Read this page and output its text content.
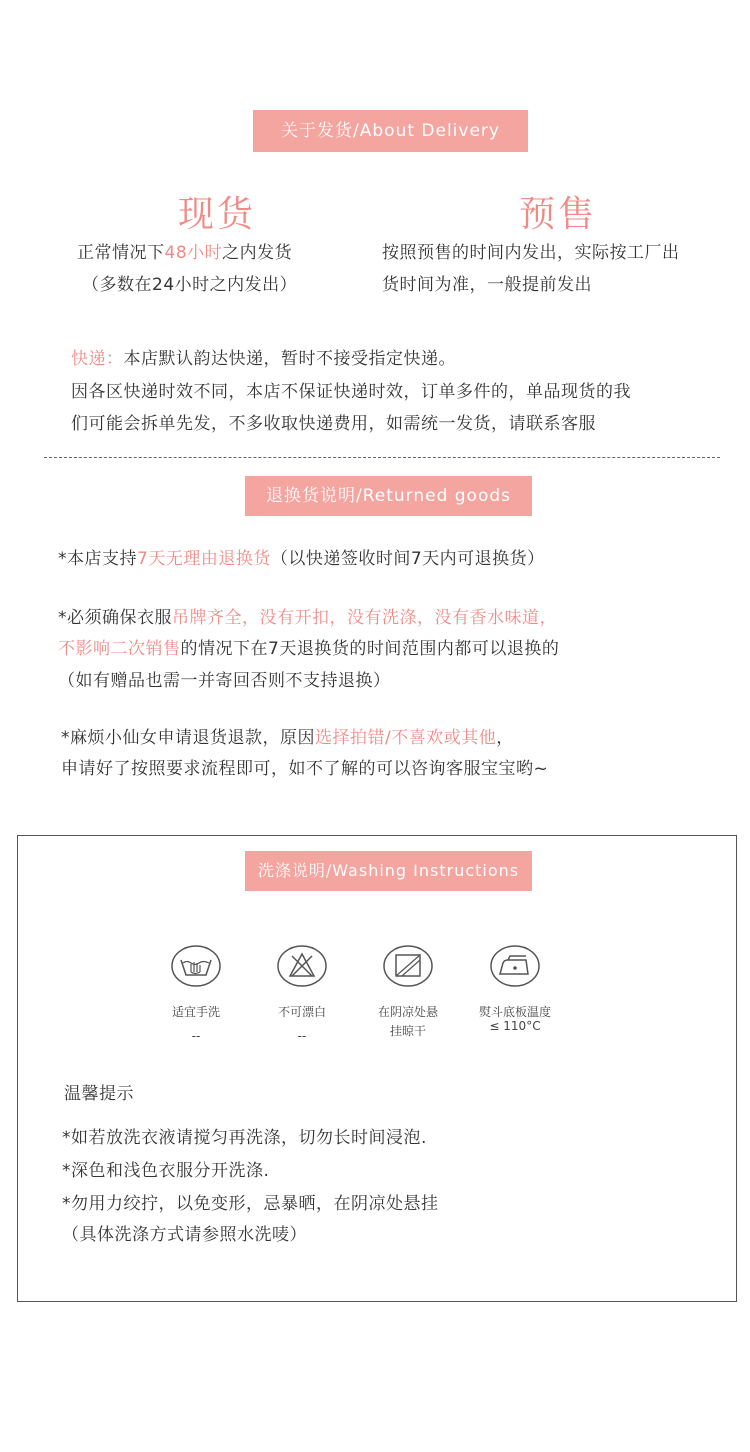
关于发货/About Delivery
现货	预售
正常情况下48小时之内发货
（多数在24小时之内发出）
按照预售的时间内发出，实际按工厂出
货时间为准，一般提前发出
快递：本店默认韵达快递，暂时不接受指定快递。
因各区快递时效不同，本店不保证快递时效，订单多件的，单品现货的我
们可能会拆单先发，不多收取快递费用，如需统一发货，请联系客服
退换货说明/Returned goods
*本店支持7天无理由退换货（以快递签收时间7天内可退换货）
*必须确保衣服吊牌齐全，没有开扣，没有洗涤，没有香水味道，
不影响二次销售的情况下在7天退换货的时间范围内都可以退换的
（如有赠品也需一并寄回否则不支持退换）
*麻烦小仙女申请退货退款，原因选择拍错/不喜欢或其他，
申请好了按照要求流程即可，如不了解的可以咨询客服宝宝哟~
洗涤说明/Washing Instructions
适宜手洗
--
不可漂白
--
在阴凉处悬
挂晾干
熨斗底板温度
≤ 110°C
温馨提示
*如若放洗衣液请搅匀再洗涤，切勿长时间浸泡.
*深色和浅色衣服分开洗涤.
*勿用力绞拧，以免变形，忌暴晒，在阴凉处悬挂
（具体洗涤方式请参照水洗唛）
